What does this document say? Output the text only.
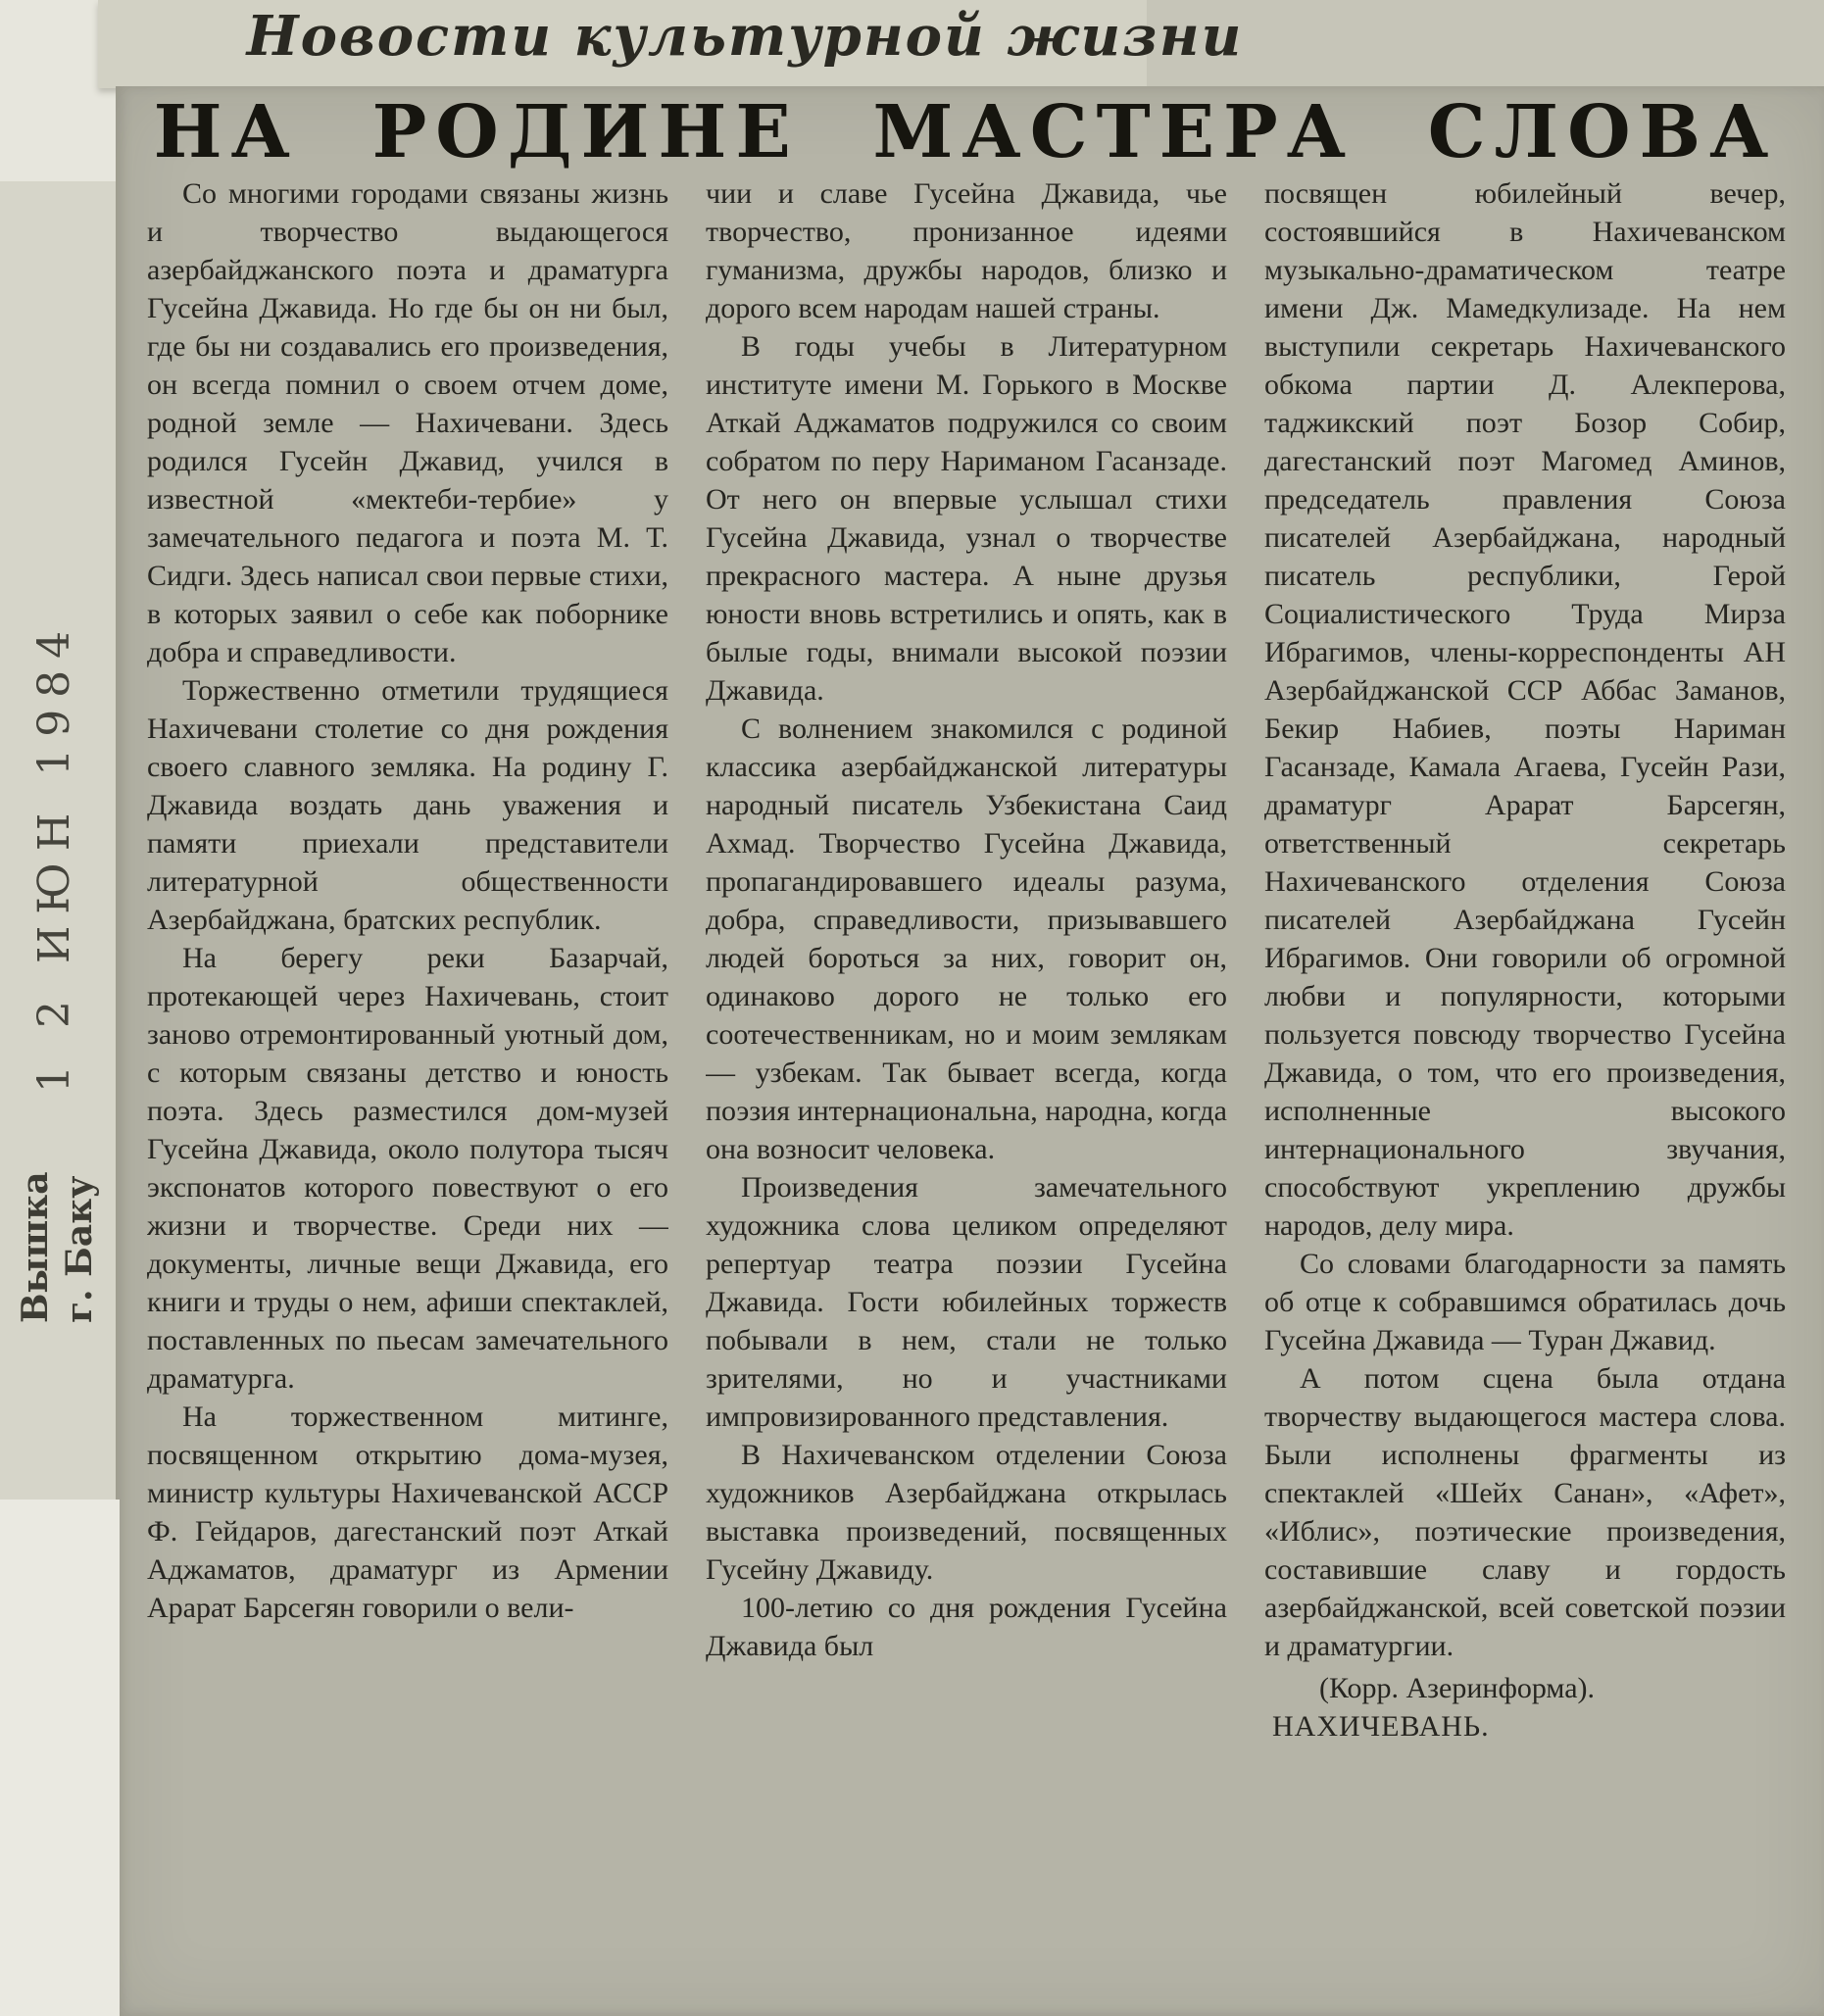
Новости культурной жизни
НА РОДИНЕ МАСТЕРА СЛОВА

Со многими городами связаны жизнь и творчество выдающегося азербайджанского поэта и драматурга Гусейна Джавида. Но где бы он ни был, где бы ни создавались его произведения, он всегда помнил о своем отчем доме, родной земле — Нахичевани. Здесь родился Гусейн Джавид, учился в известной «мектеби-тербие» у замечательного педагога и поэта М. Т. Сидги. Здесь написал свои первые стихи, в которых заявил о себе как поборнике добра и справедливости.

Торжественно отметили трудящиеся Нахичевани столетие со дня рождения своего славного земляка. На родину Г. Джавида воздать дань уважения и памяти приехали представители литературной общественности Азербайджана, братских республик.

На берегу реки Базарчай, протекающей через Нахичевань, стоит заново отремонтированный уютный дом, с которым связаны детство и юность поэта. Здесь разместился дом-музей Гусейна Джавида, около полутора тысяч экспонатов которого повествуют о его жизни и творчестве. Среди них — документы, личные вещи Джавида, его книги и труды о нем, афиши спектаклей, поставленных по пьесам замечательного драматурга.

На торжественном митинге, посвященном открытию дома-музея, министр культуры Нахичеванской АССР Ф. Гейдаров, дагестанский поэт Аткай Аджаматов, драматург из Армении Арарат Барсегян говорили о вели-

чии и славе Гусейна Джавида, чье творчество, пронизанное идеями гуманизма, дружбы народов, близко и дорого всем народам нашей страны.

В годы учебы в Литературном институте имени М. Горького в Москве Аткай Аджаматов подружился со своим собратом по перу Нариманом Гасанзаде. От него он впервые услышал стихи Гусейна Джавида, узнал о творчестве прекрасного мастера. А ныне друзья юности вновь встретились и опять, как в былые годы, внимали высокой поэзии Джавида.

С волнением знакомился с родиной классика азербайджанской литературы народный писатель Узбекистана Саид Ахмад. Творчество Гусейна Джавида, пропагандировавшего идеалы разума, добра, справедливости, призывавшего людей бороться за них, говорит он, одинаково дорого не только его соотечественникам, но и моим землякам — узбекам. Так бывает всегда, когда поэзия интернациональна, народна, когда она возносит человека.

Произведения замечательного художника слова целиком определяют репертуар театра поэзии Гусейна Джавида. Гости юбилейных торжеств побывали в нем, стали не только зрителями, но и участниками импровизированного представления.

В Нахичеванском отделении Союза художников Азербайджана открылась выставка произведений, посвященных Гусейну Джавиду.

100-летию со дня рождения Гусейна Джавида был

посвящен юбилейный вечер, состоявшийся в Нахичеванском музыкально-драматическом театре имени Дж. Мамедкулизаде. На нем выступили секретарь Нахичеванского обкома партии Д. Алекперова, таджикский поэт Бозор Собир, дагестанский поэт Магомед Аминов, председатель правления Союза писателей Азербайджана, народный писатель республики, Герой Социалистического Труда Мирза Ибрагимов, члены-корреспонденты АН Азербайджанской ССР Аббас Заманов, Бекир Набиев, поэты Нариман Гасанзаде, Камала Агаева, Гусейн Рази, драматург Арарат Барсегян, ответственный секретарь Нахичеванского отделения Союза писателей Азербайджана Гусейн Ибрагимов. Они говорили об огромной любви и популярности, которыми пользуется повсюду творчество Гусейна Джавида, о том, что его произведения, исполненные высокого интернационального звучания, способствуют укреплению дружбы народов, делу мира.

Со словами благодарности за память об отце к собравшимся обратилась дочь Гусейна Джавида — Туран Джавид.

А потом сцена была отдана творчеству выдающегося мастера слова. Были исполнены фрагменты из спектаклей «Шейх Санан», «Афет», «Иблис», поэтические произведения, составившие славу и гордость азербайджанской, всей советской поэзии и драматургии.

(Корр. Азеринформа).

НАХИЧЕВАНЬ.

1 2 ИЮН 1984
Вышка г. Баку
